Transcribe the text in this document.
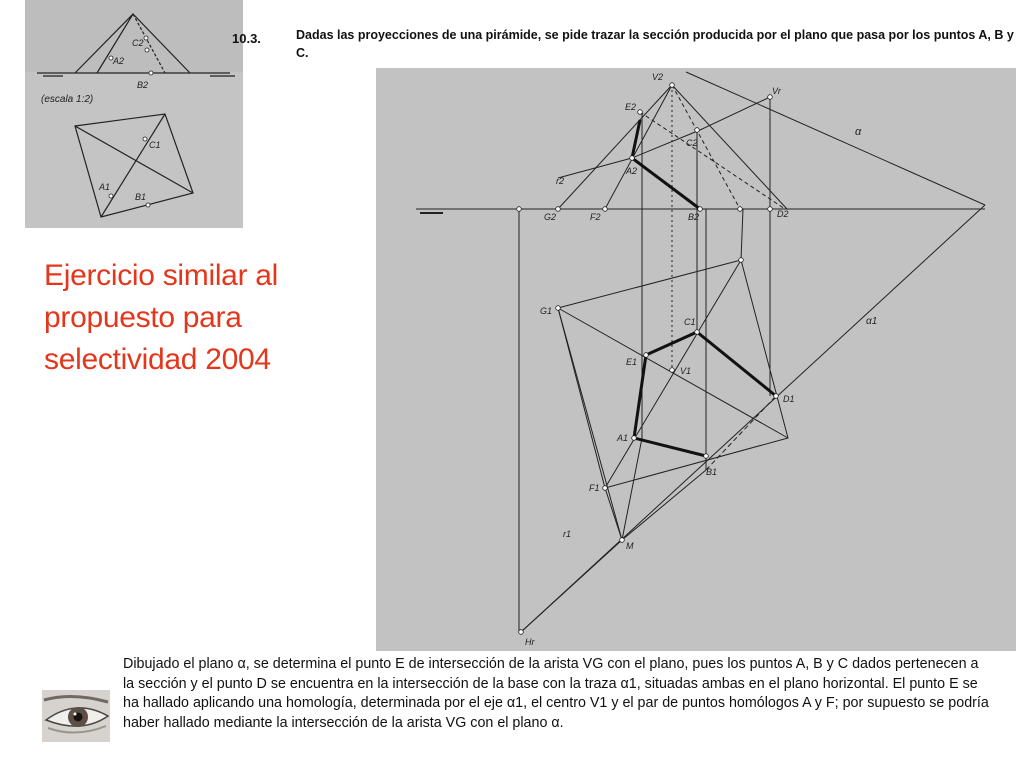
C2
A2
B2
(escala 1:2)
C1
A1
B1
10.3.	Dadas las proyecciones de una pirámide, se pide trazar la sección producida por el plano que pasa por los puntos A, B y C.
Ejercicio similar al propuesto para selectividad 2004
V2
Vr
E2
C2
A2
r2
α
G2	F2	B2	D2
G1
C1	α1
E1
V1
D1
A1
B1
F1
r1
M
Hr
Dibujado el plano α, se determina el punto E de intersección de la arista VG con el plano, pues los puntos A, B y C dados pertenecen a la sección y el punto D se encuentra en la intersección de la base con la traza α1, situadas ambas en el plano horizontal. El punto E se ha hallado aplicando una homología, determinada por el eje α1, el centro V1 y el par de puntos homólogos A y F; por supuesto se podría haber hallado mediante la intersección de la arista VG con el plano α.
